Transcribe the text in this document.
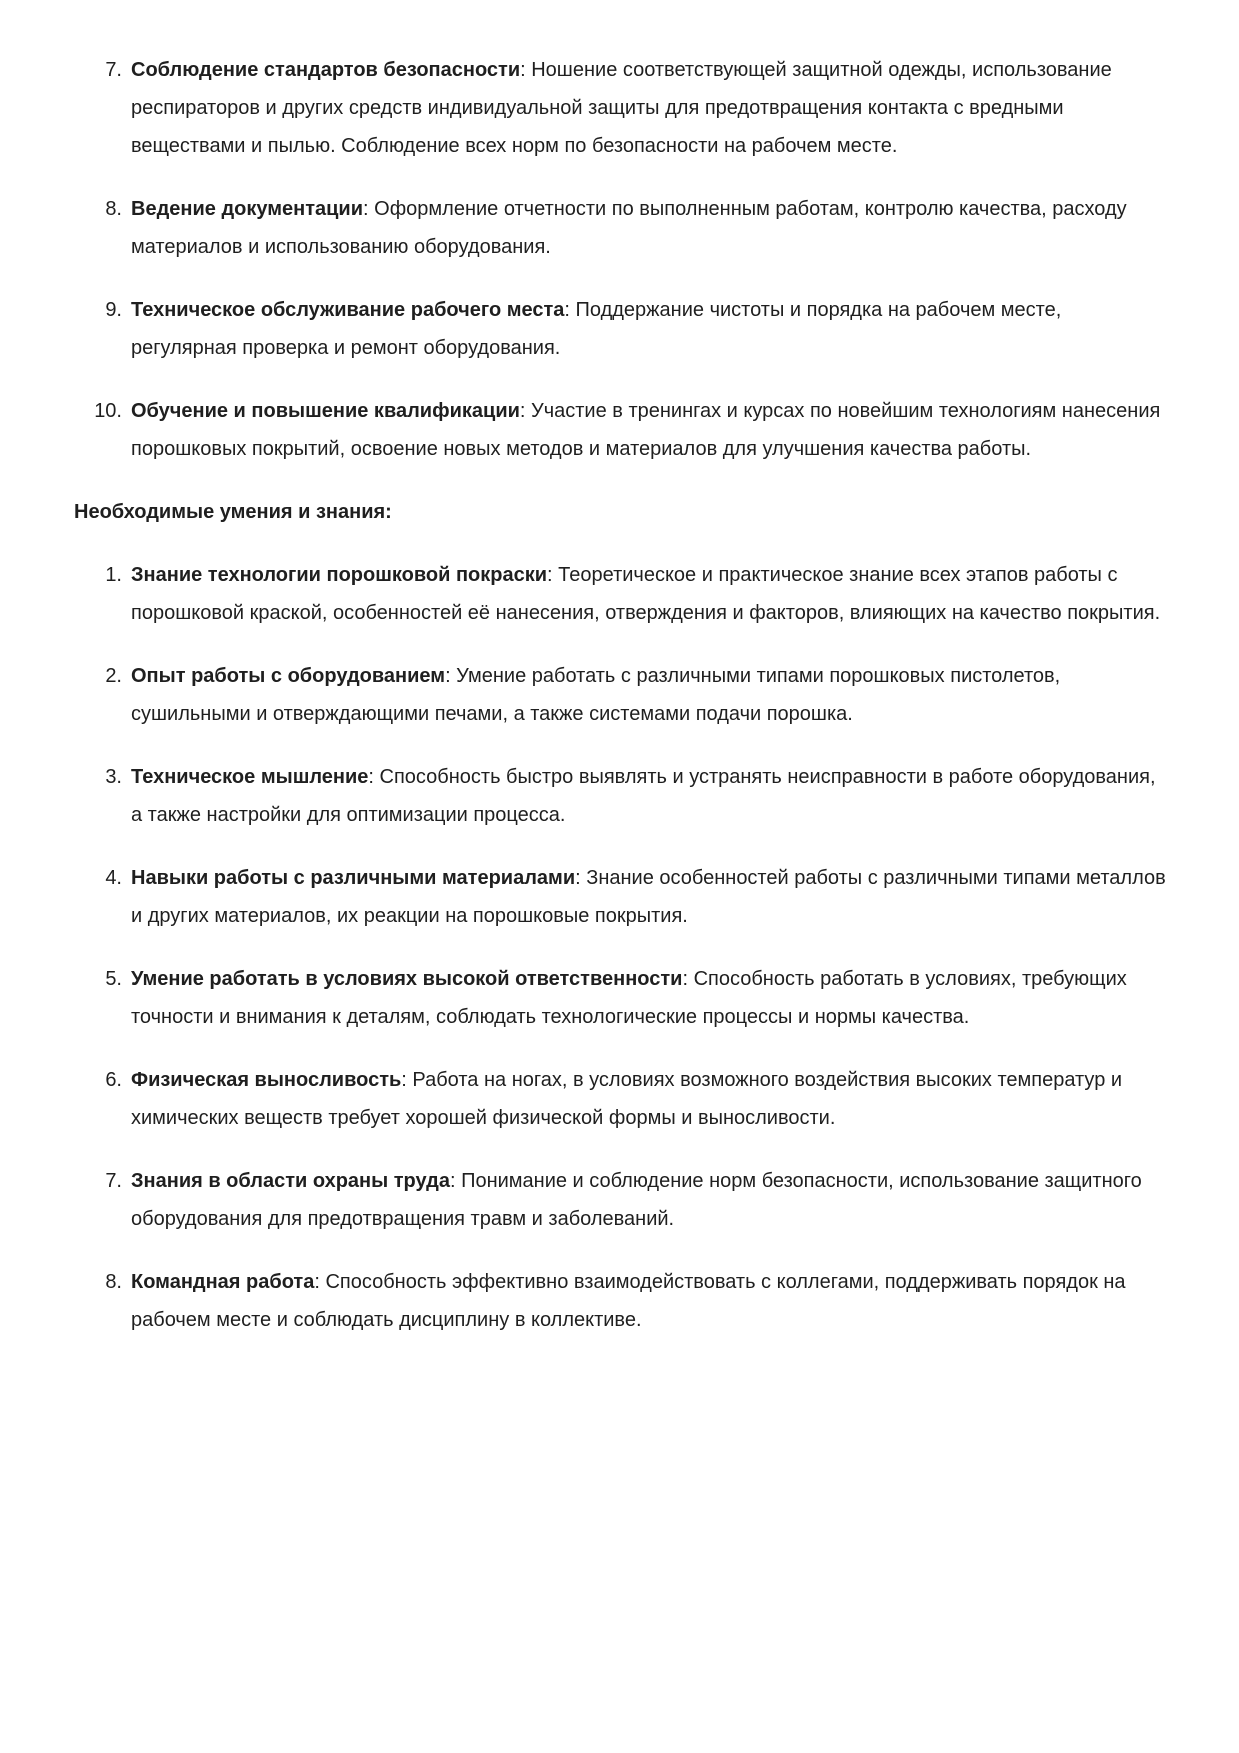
7. Соблюдение стандартов безопасности: Ношение соответствующей защитной одежды, использование респираторов и других средств индивидуальной защиты для предотвращения контакта с вредными веществами и пылью. Соблюдение всех норм по безопасности на рабочем месте.
8. Ведение документации: Оформление отчетности по выполненным работам, контролю качества, расходу материалов и использованию оборудования.
9. Техническое обслуживание рабочего места: Поддержание чистоты и порядка на рабочем месте, регулярная проверка и ремонт оборудования.
10. Обучение и повышение квалификации: Участие в тренингах и курсах по новейшим технологиям нанесения порошковых покрытий, освоение новых методов и материалов для улучшения качества работы.

Необходимые умения и знания:

1. Знание технологии порошковой покраски: Теоретическое и практическое знание всех этапов работы с порошковой краской, особенностей её нанесения, отверждения и факторов, влияющих на качество покрытия.
2. Опыт работы с оборудованием: Умение работать с различными типами порошковых пистолетов, сушильными и отверждающими печами, а также системами подачи порошка.
3. Техническое мышление: Способность быстро выявлять и устранять неисправности в работе оборудования, а также настройки для оптимизации процесса.
4. Навыки работы с различными материалами: Знание особенностей работы с различными типами металлов и других материалов, их реакции на порошковые покрытия.
5. Умение работать в условиях высокой ответственности: Способность работать в условиях, требующих точности и внимания к деталям, соблюдать технологические процессы и нормы качества.
6. Физическая выносливость: Работа на ногах, в условиях возможного воздействия высоких температур и химических веществ требует хорошей физической формы и выносливости.
7. Знания в области охраны труда: Понимание и соблюдение норм безопасности, использование защитного оборудования для предотвращения травм и заболеваний.
8. Командная работа: Способность эффективно взаимодействовать с коллегами, поддерживать порядок на рабочем месте и соблюдать дисциплину в коллективе.
